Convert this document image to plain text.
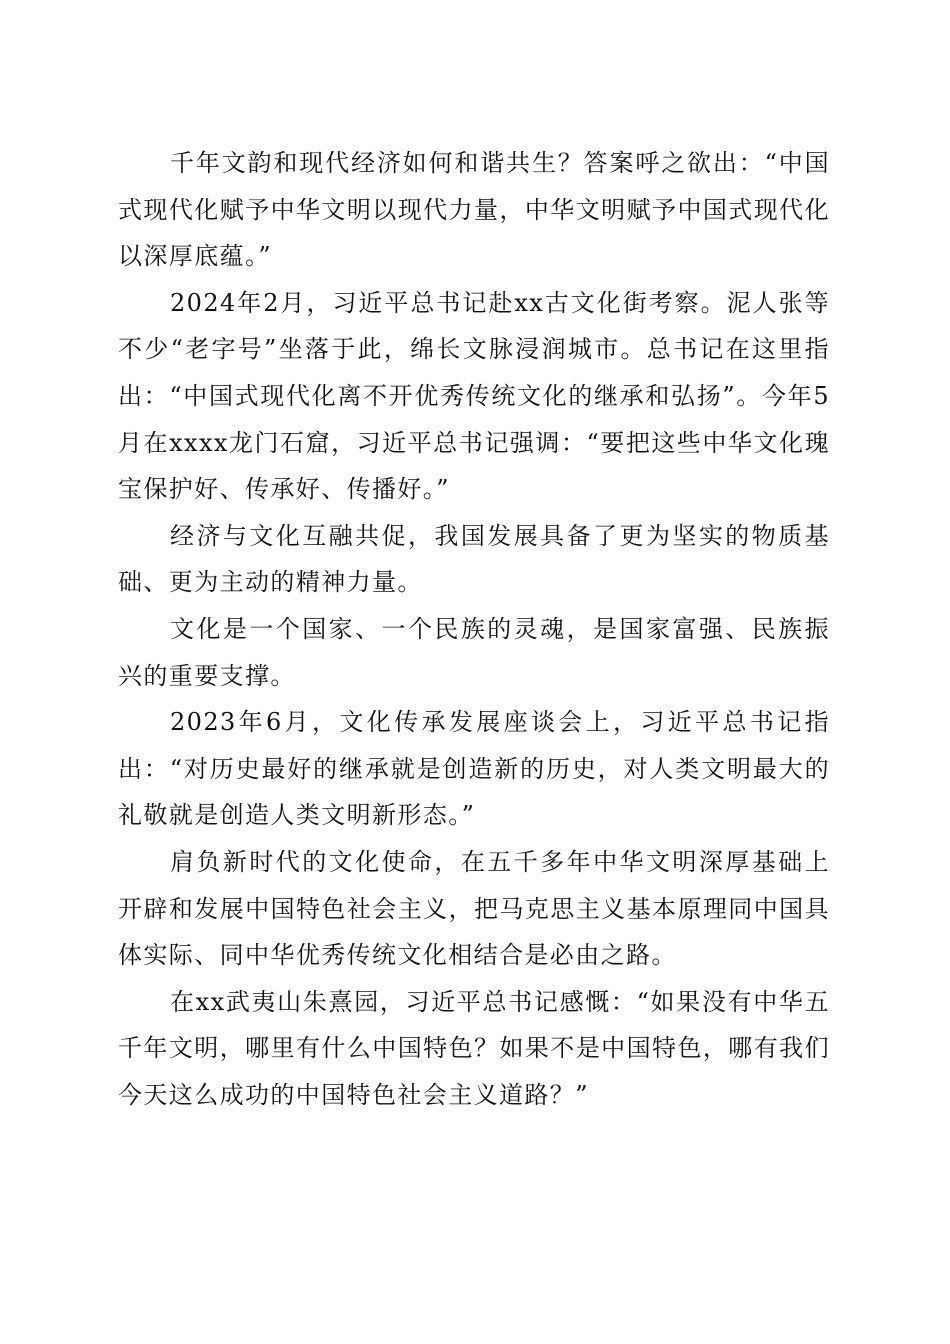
千年文韵和现代经济如何和谐共生？答案呼之欲出：“中国式现代化赋予中华文明以现代力量，中华文明赋予中国式现代化以深厚底蕴。”

2024年2月，习近平总书记赴xx古文化街考察。泥人张等不少“老字号”坐落于此，绵长文脉浸润城市。总书记在这里指出：“中国式现代化离不开优秀传统文化的继承和弘扬”。今年5月在xxxx龙门石窟，习近平总书记强调：“要把这些中华文化瑰宝保护好、传承好、传播好。”

经济与文化互融共促，我国发展具备了更为坚实的物质基础、更为主动的精神力量。

文化是一个国家、一个民族的灵魂，是国家富强、民族振兴的重要支撑。

2023年6月，文化传承发展座谈会上，习近平总书记指出：“对历史最好的继承就是创造新的历史，对人类文明最大的礼敬就是创造人类文明新形态。”

肩负新时代的文化使命，在五千多年中华文明深厚基础上开辟和发展中国特色社会主义，把马克思主义基本原理同中国具体实际、同中华优秀传统文化相结合是必由之路。

在xx武夷山朱熹园，习近平总书记感慨：“如果没有中华五千年文明，哪里有什么中国特色？如果不是中国特色，哪有我们今天这么成功的中国特色社会主义道路？”
